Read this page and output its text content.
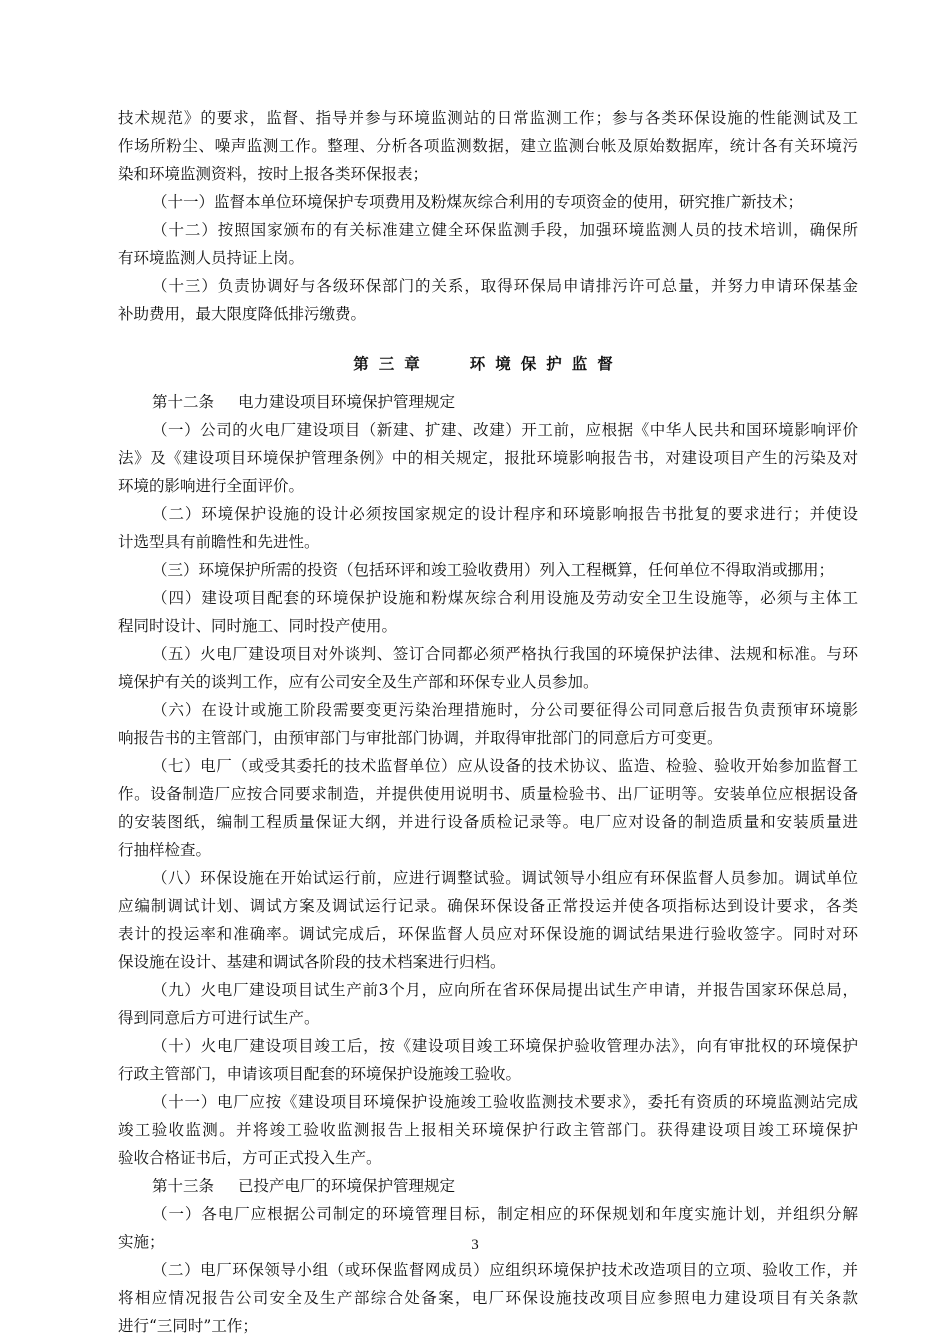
技术规范》的要求，监督、指导并参与环境监测站的日常监测工作；参与各类环保设施的性能测试及工
作场所粉尘、噪声监测工作。整理、分析各项监测数据，建立监测台帐及原始数据库，统计各有关环境污
染和环境监测资料，按时上报各类环保报表；
（十一）监督本单位环境保护专项费用及粉煤灰综合利用的专项资金的使用，研究推广新技术；
（十二）按照国家颁布的有关标准建立健全环保监测手段，加强环境监测人员的技术培训，确保所
有环境监测人员持证上岗。
（十三）负责协调好与各级环保部门的关系，取得环保局申请排污许可总量，并努力申请环保基金
补助费用，最大限度降低排污缴费。
第三章	环境保护监督
第十二条 电力建设项目环境保护管理规定
（一）公司的火电厂建设项目（新建、扩建、改建）开工前，应根据《中华人民共和国环境影响评价
法》及《建设项目环境保护管理条例》中的相关规定，报批环境影响报告书，对建设项目产生的污染及对
环境的影响进行全面评价。
（二）环境保护设施的设计必须按国家规定的设计程序和环境影响报告书批复的要求进行；并使设
计选型具有前瞻性和先进性。
（三）环境保护所需的投资（包括环评和竣工验收费用）列入工程概算，任何单位不得取消或挪用；
（四）建设项目配套的环境保护设施和粉煤灰综合利用设施及劳动安全卫生设施等，必须与主体工
程同时设计、同时施工、同时投产使用。
（五）火电厂建设项目对外谈判、签订合同都必须严格执行我国的环境保护法律、法规和标准。与环
境保护有关的谈判工作，应有公司安全及生产部和环保专业人员参加。
（六）在设计或施工阶段需要变更污染治理措施时，分公司要征得公司同意后报告负责预审环境影
响报告书的主管部门，由预审部门与审批部门协调，并取得审批部门的同意后方可变更。
（七）电厂（或受其委托的技术监督单位）应从设备的技术协议、监造、检验、验收开始参加监督工
作。设备制造厂应按合同要求制造，并提供使用说明书、质量检验书、出厂证明等。安装单位应根据设备
的安装图纸，编制工程质量保证大纲，并进行设备质检记录等。电厂应对设备的制造质量和安装质量进
行抽样检查。
（八）环保设施在开始试运行前，应进行调整试验。调试领导小组应有环保监督人员参加。调试单位
应编制调试计划、调试方案及调试运行记录。确保环保设备正常投运并使各项指标达到设计要求，各类
表计的投运率和准确率。调试完成后，环保监督人员应对环保设施的调试结果进行验收签字。同时对环
保设施在设计、基建和调试各阶段的技术档案进行归档。
（九）火电厂建设项目试生产前3个月，应向所在省环保局提出试生产申请，并报告国家环保总局，
得到同意后方可进行试生产。
（十）火电厂建设项目竣工后，按《建设项目竣工环境保护验收管理办法》，向有审批权的环境保护
行政主管部门，申请该项目配套的环境保护设施竣工验收。
（十一）电厂应按《建设项目环境保护设施竣工验收监测技术要求》，委托有资质的环境监测站完成
竣工验收监测。并将竣工验收监测报告上报相关环境保护行政主管部门。获得建设项目竣工环境保护
验收合格证书后，方可正式投入生产。
第十三条 已投产电厂的环境保护管理规定
（一）各电厂应根据公司制定的环境管理目标，制定相应的环保规划和年度实施计划，并组织分解
实施；
（二）电厂环保领导小组（或环保监督网成员）应组织环境保护技术改造项目的立项、验收工作，并
将相应情况报告公司安全及生产部综合处备案，电厂环保设施技改项目应参照电力建设项目有关条款
进行“三同时”工作；
3
